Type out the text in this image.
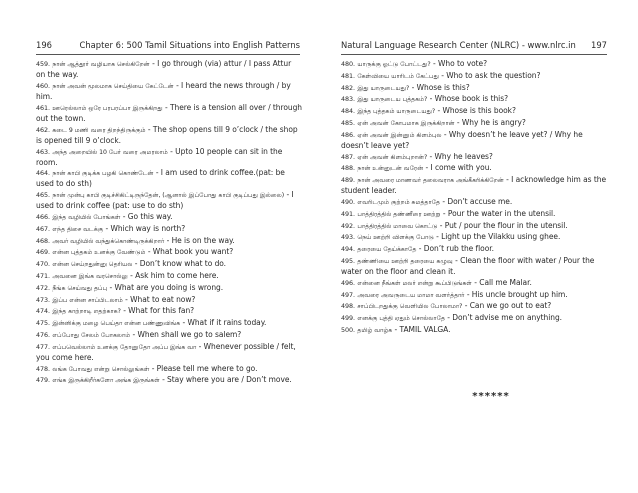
196	Chapter 6: 500 Tamil Situations into English Patterns
459. நான் ஆத்தூர் வழியாக செல்கிறேன் - I go through (via) attur / I pass Attur on the way.
460. நான் அவன் மூலமாக செய்தியை கேட்டேன் - I heard the news through / by him.
461. ஊரெல்லாம் ஒரே பரபரப்பா இருக்கிறது - There is a tension all over / through out the town.
462. கடை 9 மணி வரை திறந்திருக்கும் - The shop opens till 9 o’clock / the shop is opened till 9 o’clock.
463. அந்த அறையில் 10 பேர் வரை அமரலாம் - Upto 10 people can sit in the room.
464. நான் காபி குடிக்க பழகி கொண்டேன் - I am used to drink coffee.(pat: be used to do sth)
465. நான் முன்பு காபி குடிச்சிகிட்டிருந்தேன், (ஆனால் இப்போது காபி குடிப்பது இல்லை) - I used to drink coffee (pat: use to do sth)
466. இந்த வழியில் போங்கள் - Go this way.
467. எந்த திசை வடக்கு - Which way is north?
468. அவர் வழியில் வந்துக்கொண்டிருக்கிறார் - He is on the way.
469. என்ன புத்தகம் உனக்கு வேண்டும் - What book you want?
470. என்ன செய்றதுன்னு தெரியல - Don’t know what to do.
471. அவனை இங்க வரசொல்லு - Ask him to come here.
472. நீங்க செய்வது தப்பு - What are you doing is wrong.
473. இப்ப என்ன சாப்பிடலாம் - What to eat now?
474. இந்த காற்றாடி எதற்காக? - What for this fan?
475. இன்னிக்கு மழை பெய்தா என்ன பண்ணுவிங்க - What if it rains today.
476. எப்போது சேலம் போகலாம் - When shall we go to salem?
477. எப்பவெல்லாம் உனக்கு தோனுதோ அப்ப இங்க வா - Whenever possible / felt, you come here.
478. லங்க போவது என்று சொல்லுங்கள் - Please tell me where to go.
479. எங்க இருக்கிறீர்களோ அங்க இருங்கள் - Stay where you are / Don’t move.
Natural Language Research Center (NLRC) - www.nlrc.in 197
480. யாருக்கு ஓட்டு போட்டது? - Who to vote?
481. கேள்வியை யாரிடம் கேட்பது - Who to ask the question?
482. இது யாருடையது? - Whose is this?
483. இது யாருடைய புத்தகம்? - Whose book is this?
484. இந்த புத்தகம் யாருடையது? - Whose is this book?
485. ஏன் அவன் கோபமாக இருக்கிறான் - Why he is angry?
486. ஏன் அவன் இன்னும் கிளம்புல - Why doesn’t he leave yet? / Why he doesn’t leave yet?
487. ஏன் அவன் கிளம்புறான்? - Why he leaves?
488. நான் உன்னுடன் வரேன் - I come with you.
489. நான் அவரை மாணவர் தலைவராக அங்கீகரிக்கிறேன் - I acknowledge him as the student leader.
490. எவரிடமும் குற்றம் சுமத்தாதே - Don’t accuse me.
491. பாத்திரத்தில் தண்ணீரை ஊற்று - Pour the water in the utensil.
492. பாத்திரத்தில் மாவை கொட்டு - Put / pour the flour in the utensil.
493. நெய் ஊற்றி விளக்கு போடு - Light up the Vilakku using ghee.
494. தரையை தேய்க்காதே - Don’t rub the floor.
495. தண்ணியை ஊற்றி தரையை கழுவு - Clean the floor with water / Pour the water on the floor and clean it.
496. என்னை நீங்கள் மலர் என்று கூப்பிடுங்கள் - Call me Malar.
497. அவரை அவருடைய மாமா வளர்த்தார் - His uncle brought up him.
498. சாப்பிடறதுக்கு வெளியில போலாமா? - Can we go out to eat?
499. எனக்கு புத்தி ஏதும் சொல்லாதே - Don’t advise me on anything.
500. தமிழ் வாழ்க - TAMIL VALGA.
******
